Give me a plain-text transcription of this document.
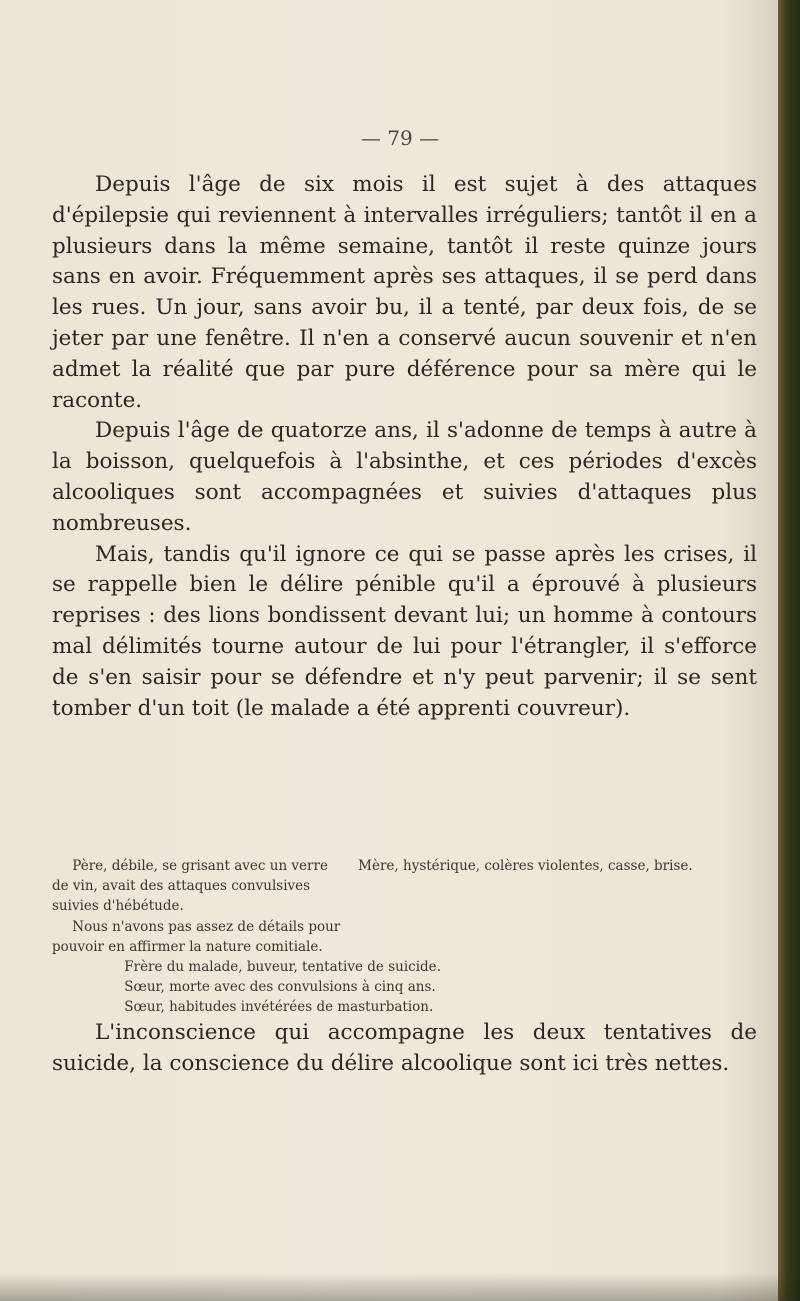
— 79 —

Depuis l'âge de six mois il est sujet à des attaques d'épilepsie qui reviennent à intervalles irréguliers; tantôt il en a plusieurs dans la même semaine, tantôt il reste quinze jours sans en avoir. Fréquemment après ses attaques, il se perd dans les rues. Un jour, sans avoir bu, il a tenté, par deux fois, de se jeter par une fenêtre. Il n'en a conservé aucun souvenir et n'en admet la réalité que par pure déférence pour sa mère qui le raconte.

Depuis l'âge de quatorze ans, il s'adonne de temps à autre à la boisson, quelquefois à l'absinthe, et ces périodes d'excès alcooliques sont accompagnées et suivies d'attaques plus nombreuses.

Mais, tandis qu'il ignore ce qui se passe après les crises, il se rappelle bien le délire pénible qu'il a éprouvé à plusieurs reprises : des lions bondissent devant lui; un homme à contours mal délimités tourne autour de lui pour l'étrangler, il s'efforce de s'en saisir pour se défendre et n'y peut parvenir; il se sent tomber d'un toit (le malade a été apprenti couvreur).

Père, débile, se grisant avec un verre de vin, avait des attaques convulsives suivies d'hébétude.

Nous n'avons pas assez de détails pour pouvoir en affirmer la nature comitiale.

Mère, hystérique, colères violentes, casse, brise.

Frère du malade, buveur, tentative de suicide.

Sœur, morte avec des convulsions à cinq ans.

Sœur, habitudes invétérées de masturbation.

L'inconscience qui accompagne les deux tentatives de suicide, la conscience du délire alcoolique sont ici très nettes.
